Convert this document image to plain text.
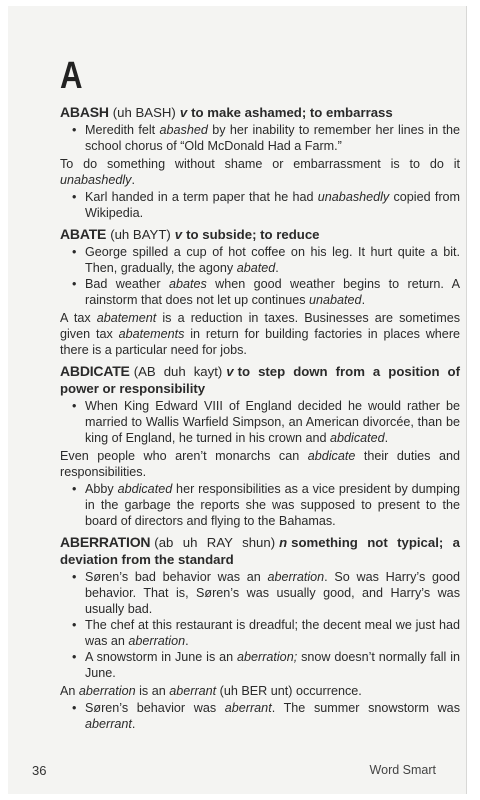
A
ABASH (uh BASH) v to make ashamed; to embarrass
• Meredith felt abashed by her inability to remember her lines in the school chorus of “Old McDonald Had a Farm.”
To do something without shame or embarrassment is to do it unabashedly.
• Karl handed in a term paper that he had unabashedly copied from Wikipedia.
ABATE (uh BAYT) v to subside; to reduce
• George spilled a cup of hot coffee on his leg. It hurt quite a bit. Then, gradually, the agony abated.
• Bad weather abates when good weather begins to return. A rainstorm that does not let up continues unabated.
A tax abatement is a reduction in taxes. Businesses are sometimes given tax abatements in return for building factories in places where there is a particular need for jobs.
ABDICATE (AB duh kayt) v to step down from a position of power or responsibility
• When King Edward VIII of England decided he would rather be married to Wallis Warfield Simpson, an American divorcée, than be king of England, he turned in his crown and abdicated.
Even people who aren’t monarchs can abdicate their duties and responsibilities.
• Abby abdicated her responsibilities as a vice president by dumping in the garbage the reports she was supposed to present to the board of directors and flying to the Bahamas.
ABERRATION (ab uh RAY shun) n something not typical; a deviation from the standard
• Søren’s bad behavior was an aberration. So was Harry’s good behavior. That is, Søren’s was usually good, and Harry’s was usually bad.
• The chef at this restaurant is dreadful; the decent meal we just had was an aberration.
• A snowstorm in June is an aberration; snow doesn’t normally fall in June.
An aberration is an aberrant (uh BER unt) occurrence.
• Søren’s behavior was aberrant. The summer snowstorm was aberrant.
36	Word Smart
